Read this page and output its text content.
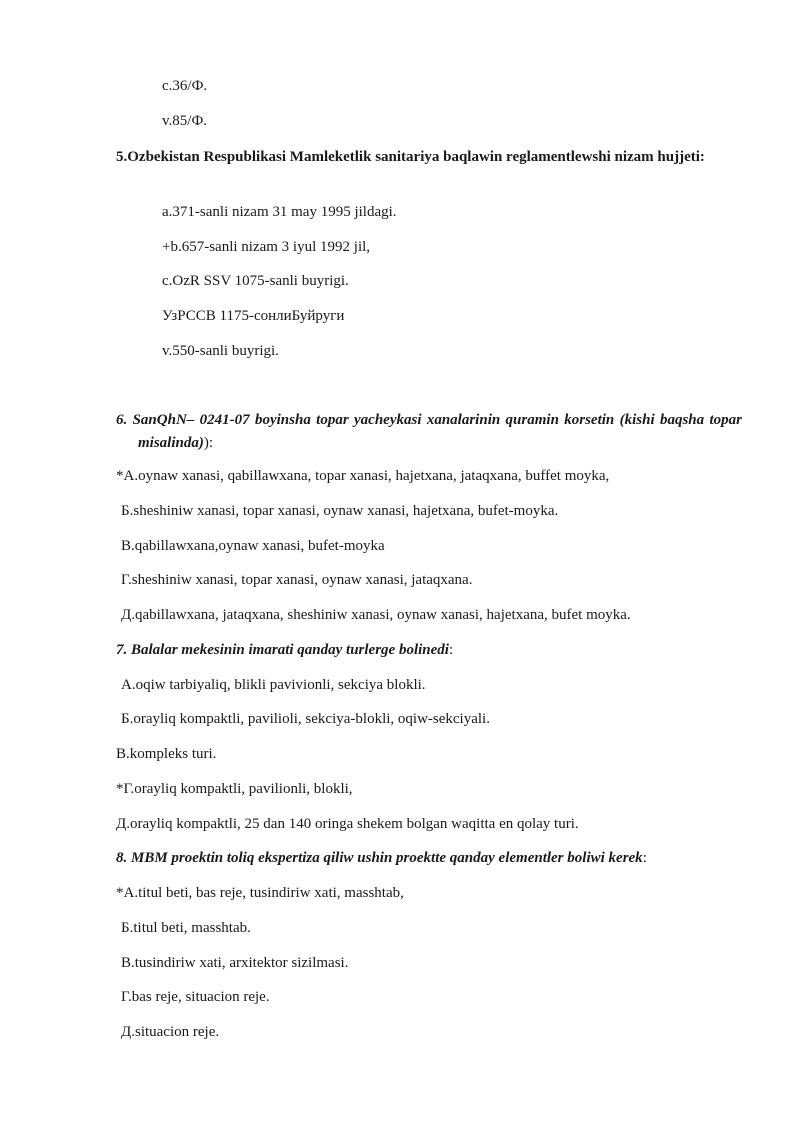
c.36/Ф.
v.85/Ф.
5.Ozbekistan Respublikasi Mamleketlik sanitariya baqlawin reglamentlewshi nizam hujjeti:
a.371-sanli nizam 31 may 1995 jildagi.
+b.657-sanli nizam 3 iyul 1992 jil,
c.OzR SSV 1075-sanli buyrigi.
УзРССВ 1175-сонлиБуйруги
v.550-sanli buyrigi.
6. SanQhN– 0241-07 boyinsha topar yacheykasi xanalarinin quramin korsetin (kishi baqsha topar misalinda)):
*A.oynaw xanasi, qabillawxana, topar xanasi, hajetxana, jataqxana, buffet moyka,
Б.sheshiniw xanasi, topar xanasi, oynaw xanasi, hajetxana, bufet-moyka.
В.qabillawxana,oynaw xanasi, bufet-moyka
Г.sheshiniw xanasi, topar xanasi, oynaw xanasi, jataqxana.
Д.qabillawxana, jataqxana, sheshiniw xanasi, oynaw xanasi, hajetxana, bufet moyka.
7. Balalar mekesinin imarati qanday turlerge bolinedi:
A.oqiw tarbiyaliq, blikli pavivionli, sekciya blokli.
Б.orayliq kompaktli, pavilioli, sekciya-blokli, oqiw-sekciyali.
B.kompleks turi.
*Г.orayliq kompaktli, pavilionli, blokli,
Д.orayliq kompaktli, 25 dan 140 oringa shekem bolgan waqitta en qolay turi.
8. MBM proektin toliq ekspertiza qiliw ushin proektte qanday elementler boliwi kerek:
*A.titul beti, bas reje, tusindiriw xati, masshtab,
Б.titul beti, masshtab.
В.tusindiriw xati, arxitektor sizilmasi.
Г.bas reje, situacion reje.
Д.situacion reje.
